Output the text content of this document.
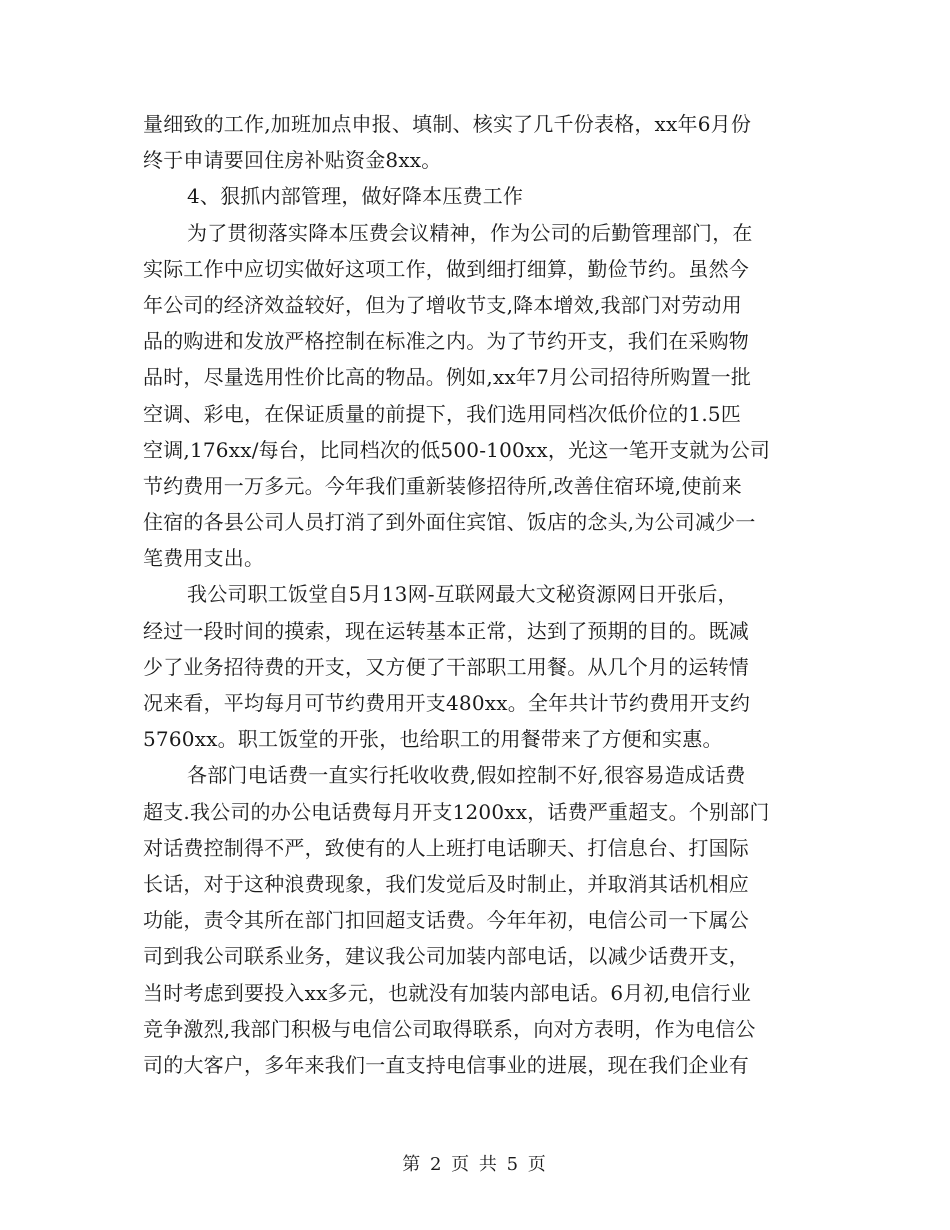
量细致的工作,加班加点申报、填制、核实了几千份表格，xx年6月份
终于申请要回住房补贴资金8xx。
4、狠抓内部管理，做好降本压费工作
为了贯彻落实降本压费会议精神，作为公司的后勤管理部门，在
实际工作中应切实做好这项工作，做到细打细算，勤俭节约。虽然今
年公司的经济效益较好，但为了增收节支,降本增效,我部门对劳动用
品的购进和发放严格控制在标准之内。为了节约开支，我们在采购物
品时，尽量选用性价比高的物品。例如,xx年7月公司招待所购置一批
空调、彩电，在保证质量的前提下，我们选用同档次低价位的1.5匹
空调,176xx/每台，比同档次的低500-100xx，光这一笔开支就为公司
节约费用一万多元。今年我们重新装修招待所,改善住宿环境,使前来
住宿的各县公司人员打消了到外面住宾馆、饭店的念头,为公司减少一
笔费用支出。
我公司职工饭堂自5月13网-互联网最大文秘资源网日开张后，
经过一段时间的摸索，现在运转基本正常，达到了预期的目的。既减
少了业务招待费的开支，又方便了干部职工用餐。从几个月的运转情
况来看，平均每月可节约费用开支480xx。全年共计节约费用开支约
5760xx。职工饭堂的开张，也给职工的用餐带来了方便和实惠。
各部门电话费一直实行托收收费,假如控制不好,很容易造成话费
超支.我公司的办公电话费每月开支1200xx，话费严重超支。个别部门
对话费控制得不严，致使有的人上班打电话聊天、打信息台、打国际
长话，对于这种浪费现象，我们发觉后及时制止，并取消其话机相应
功能，责令其所在部门扣回超支话费。今年年初，电信公司一下属公
司到我公司联系业务，建议我公司加装内部电话，以减少话费开支，
当时考虑到要投入xx多元，也就没有加装内部电话。6月初,电信行业
竞争激烈,我部门积极与电信公司取得联系，向对方表明，作为电信公
司的大客户，多年来我们一直支持电信事业的进展，现在我们企业有
第 2 页 共 5 页
